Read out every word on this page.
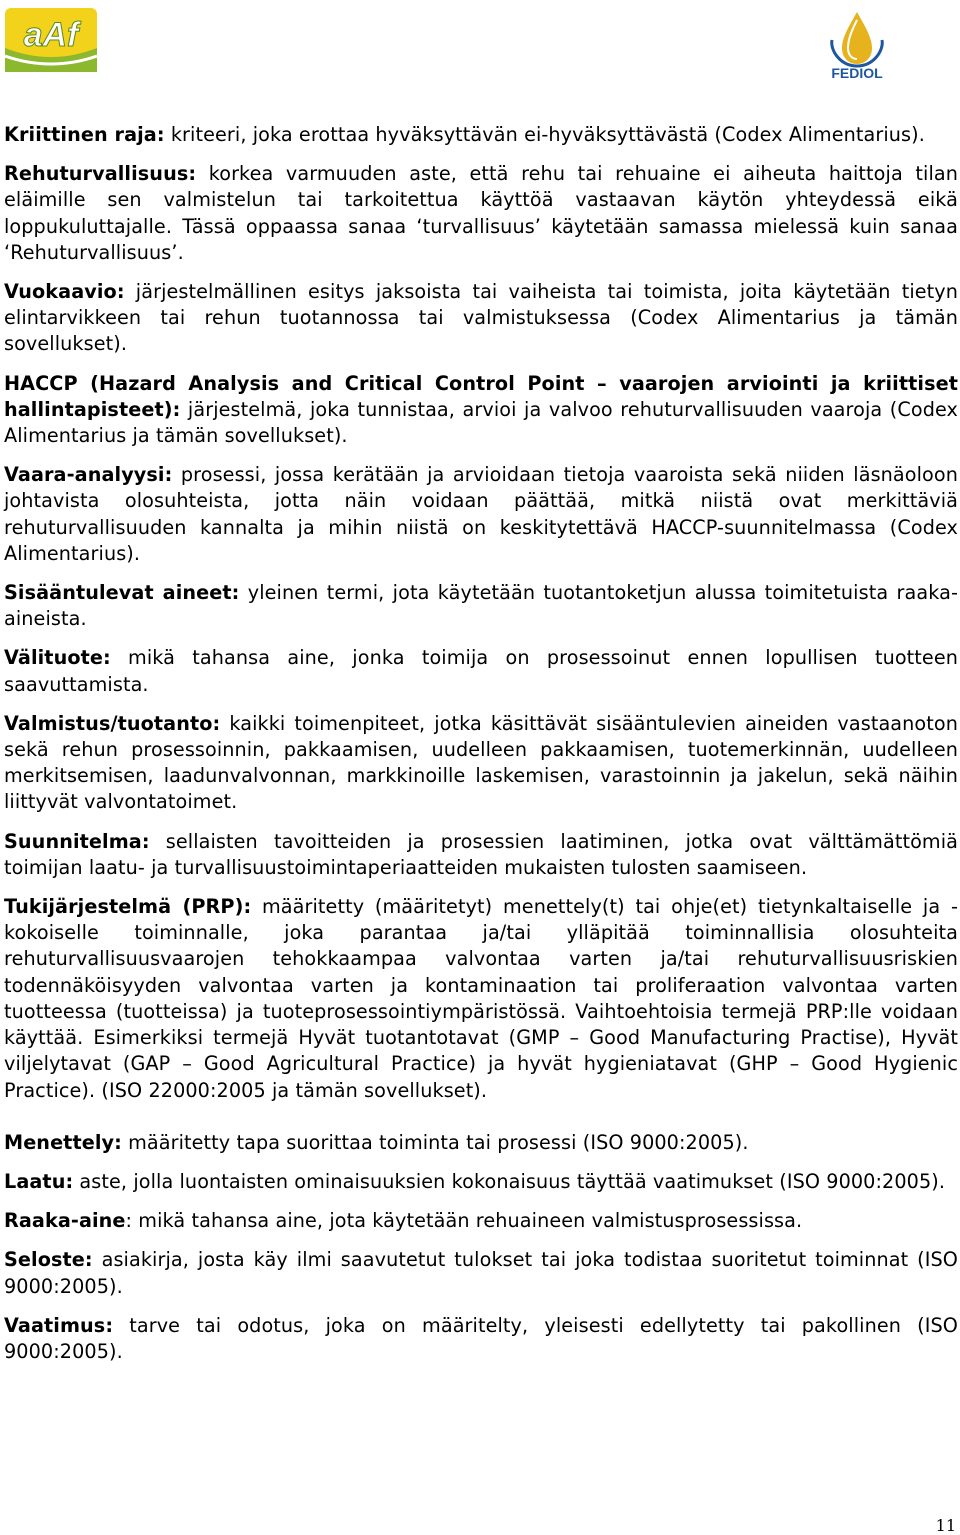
aAf
FEDIOL

Kriittinen raja: kriteeri, joka erottaa hyväksyttävän ei-hyväksyttävästä (Codex Alimentarius).

Rehuturvallisuus: korkea varmuuden aste, että rehu tai rehuaine ei aiheuta haittoja tilan eläimille sen valmistelun tai tarkoitettua käyttöä vastaavan käytön yhteydessä eikä loppukuluttajalle. Tässä oppaassa sanaa ‘turvallisuus’ käytetään samassa mielessä kuin sanaa ‘Rehuturvallisuus’.

Vuokaavio: järjestelmällinen esitys jaksoista tai vaiheista tai toimista, joita käytetään tietyn elintarvikkeen tai rehun tuotannossa tai valmistuksessa (Codex Alimentarius ja tämän sovellukset).

HACCP (Hazard Analysis and Critical Control Point – vaarojen arviointi ja kriittiset hallintapisteet): järjestelmä, joka tunnistaa, arvioi ja valvoo rehuturvallisuuden vaaroja (Codex Alimentarius ja tämän sovellukset).

Vaara-analyysi: prosessi, jossa kerätään ja arvioidaan tietoja vaaroista sekä niiden läsnäoloon johtavista olosuhteista, jotta näin voidaan päättää, mitkä niistä ovat merkittäviä rehuturvallisuuden kannalta ja mihin niistä on keskitytettävä HACCP-suunnitelmassa (Codex Alimentarius).

Sisääntulevat aineet: yleinen termi, jota käytetään tuotantoketjun alussa toimitetuista raaka-aineista.

Välituote: mikä tahansa aine, jonka toimija on prosessoinut ennen lopullisen tuotteen saavuttamista.

Valmistus/tuotanto: kaikki toimenpiteet, jotka käsittävät sisääntulevien aineiden vastaanoton sekä rehun prosessoinnin, pakkaamisen, uudelleen pakkaamisen, tuotemerkinnän, uudelleen merkitsemisen, laadunvalvonnan, markkinoille laskemisen, varastoinnin ja jakelun, sekä näihin liittyvät valvontatoimet.

Suunnitelma: sellaisten tavoitteiden ja prosessien laatiminen, jotka ovat välttämättömiä toimijan laatu- ja turvallisuustoimintaperiaatteiden mukaisten tulosten saamiseen.

Tukijärjestelmä (PRP): määritetty (määritetyt) menettely(t) tai ohje(et) tietynkaltaiselle ja -kokoiselle toiminnalle, joka parantaa ja/tai ylläpitää toiminnallisia olosuhteita rehuturvallisuusvaarojen tehokkaampaa valvontaa varten ja/tai rehuturvallisuusriskien todennäköisyyden valvontaa varten ja kontaminaation tai proliferaation valvontaa varten tuotteessa (tuotteissa) ja tuoteprosessointiympäristössä. Vaihtoehtoisia termejä PRP:lle voidaan käyttää. Esimerkiksi termejä Hyvät tuotantotavat (GMP – Good Manufacturing Practise), Hyvät viljelytavat (GAP – Good Agricultural Practice) ja hyvät hygieniatavat (GHP – Good Hygienic Practice). (ISO 22000:2005 ja tämän sovellukset).

Menettely: määritetty tapa suorittaa toiminta tai prosessi (ISO 9000:2005).

Laatu: aste, jolla luontaisten ominaisuuksien kokonaisuus täyttää vaatimukset (ISO 9000:2005).

Raaka-aine: mikä tahansa aine, jota käytetään rehuaineen valmistusprosessissa.

Seloste: asiakirja, josta käy ilmi saavutetut tulokset tai joka todistaa suoritetut toiminnat (ISO 9000:2005).

Vaatimus: tarve tai odotus, joka on määritelty, yleisesti edellytetty tai pakollinen (ISO 9000:2005).

11
